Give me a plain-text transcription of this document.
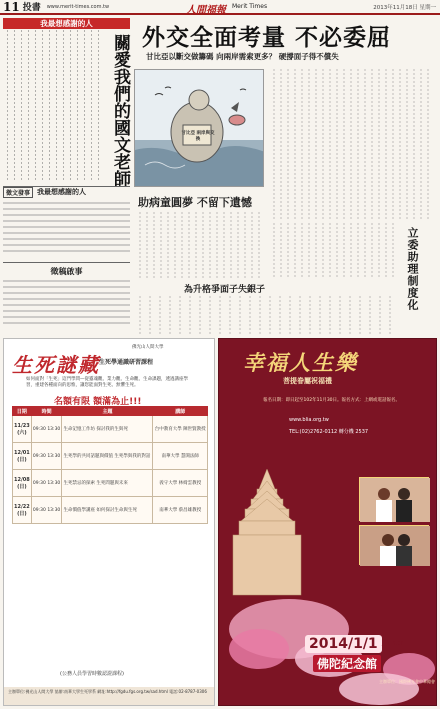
11 投書 www.merit-times.com.tw	人間福報 Merit Times	2013年11月18日 星期一
我最想感謝的人
關愛我們的國文老師
徵文發事	我最想感謝的人
徵稿啟事
外交全面考量 不必委屈
甘比亞以斷交做籌碼 向兩岸需索更多？ 硬撐面子得不償失
甘比亞 兩岸與交換
助病童圓夢 不留下遺憾
為升格爭面子失銀子	立委助理制度化
生死謎藏 生死學通識研習課程
佛光山人間大學
如何面對「生死」這門學問—從靈魂觀、業力觀、生命觀、生命課題，透過講座學習，重建各種面向的思惟，讓您能面對生死、無懼生死。
名額有限 額滿為止!!!
日期	時間	主題	講師
11/23 (六)	09:30 13:30	生命記憶工作坊 探討我的生與死	台中教育大學 陳世賢教授
12/01 (日)	09:30 13:30	生死學的共同話題與價值 生死學與我的對話	南華大學 慧開法師
12/08 (日)	09:30 13:30	生死禁忌的探索 生死問題與未來	義守大學 林綺雲教授
12/22 (日)	09:30 13:30	生命價值學講座 如何探討生命與生死	南華大學 蔡昌雄教授
(公務人員學習時數認證課程)
主辦單位:佛光山人間大學 協辦:南華大學生死學系 網址:http://fgdu.fgs.org.tw/sad.html 電話:02-8787-0306
幸福人生樂
菩提眷屬祝福禮
報名日期：即日起至102年11月30日。報名方式：上網或電話報名。
www.blia.org.tw
TEL:(02)2762-0112 轉分機 2537
2014/1/1 上午 9:00
佛陀紀念館
主辦單位：國際佛光會中華總會
